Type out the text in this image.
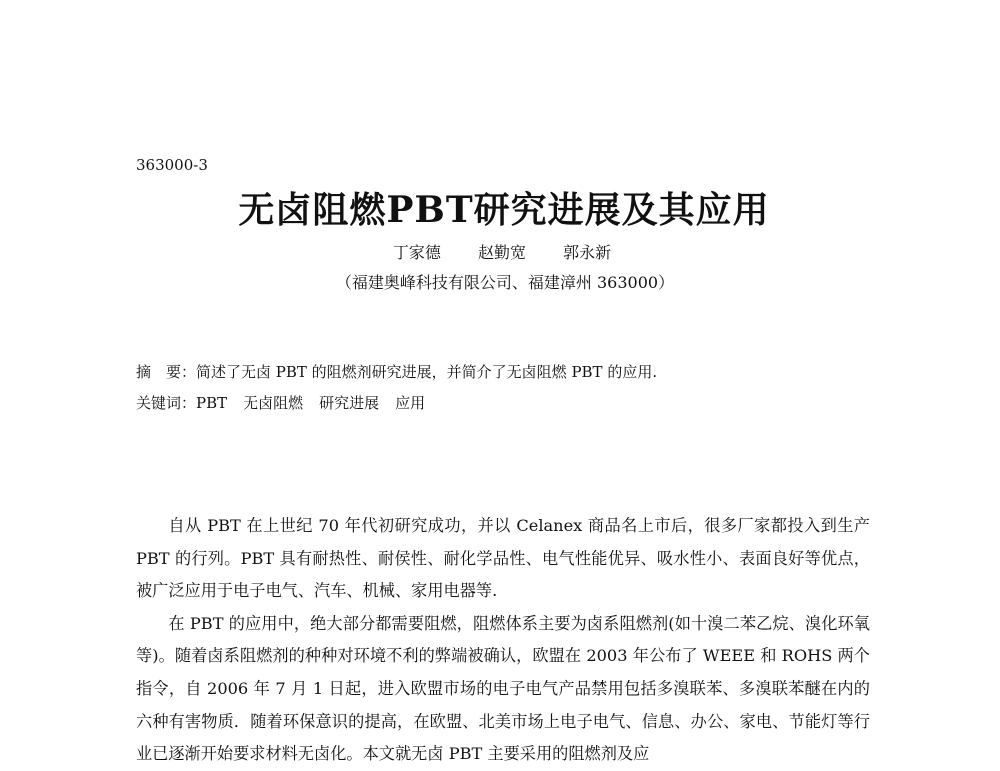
363000-3
无卤阻燃PBT研究进展及其应用
丁家德 赵勤宽 郭永新
（福建奥峰科技有限公司、福建漳州 363000）
摘 要：简述了无卤 PBT 的阻燃剂研究进展，并简介了无卤阻燃 PBT 的应用.
关键词：PBT 无卤阻燃 研究进展 应用

自从 PBT 在上世纪 70 年代初研究成功，并以 Celanex 商品名上市后，很多厂家都投入到生产 PBT 的行列。PBT 具有耐热性、耐侯性、耐化学品性、电气性能优异、吸水性小、表面良好等优点，被广泛应用于电子电气、汽车、机械、家用电器等.

在 PBT 的应用中，绝大部分都需要阻燃，阻燃体系主要为卤系阻燃剂(如十溴二苯乙烷、溴化环氧等)。随着卤系阻燃剂的种种对环境不利的弊端被确认，欧盟在 2003 年公布了 WEEE 和 ROHS 两个指令，自 2006 年 7 月 1 日起，进入欧盟市场的电子电气产品禁用包括多溴联苯、多溴联苯醚在内的六种有害物质．随着环保意识的提高，在欧盟、北美市场上电子电气、信息、办公、家电、节能灯等行业已逐渐开始要求材料无卤化。本文就无卤 PBT 主要采用的阻燃剂及应
